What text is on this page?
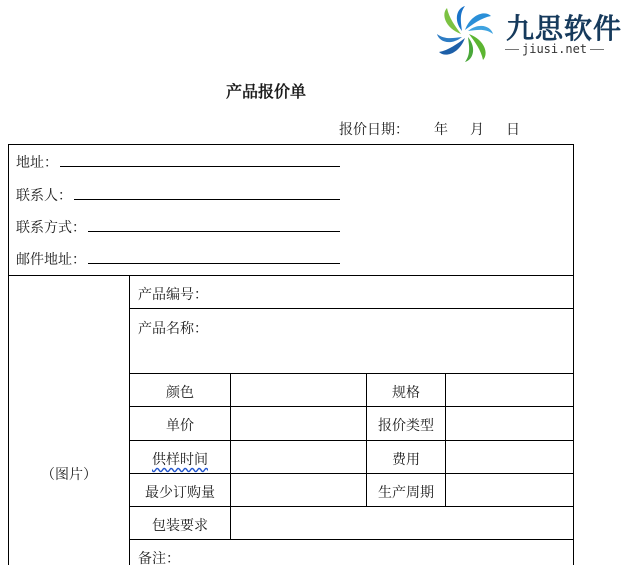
九思软件
jiusi.net
产品报价单
报价日期： 年 月 日
地址：
联系人：
联系方式：
邮件地址：
（图片）
产品编号：
产品名称：
颜色	规格
单价	报价类型
供样时间	费用
最少订购量	生产周期
包装要求
备注：
